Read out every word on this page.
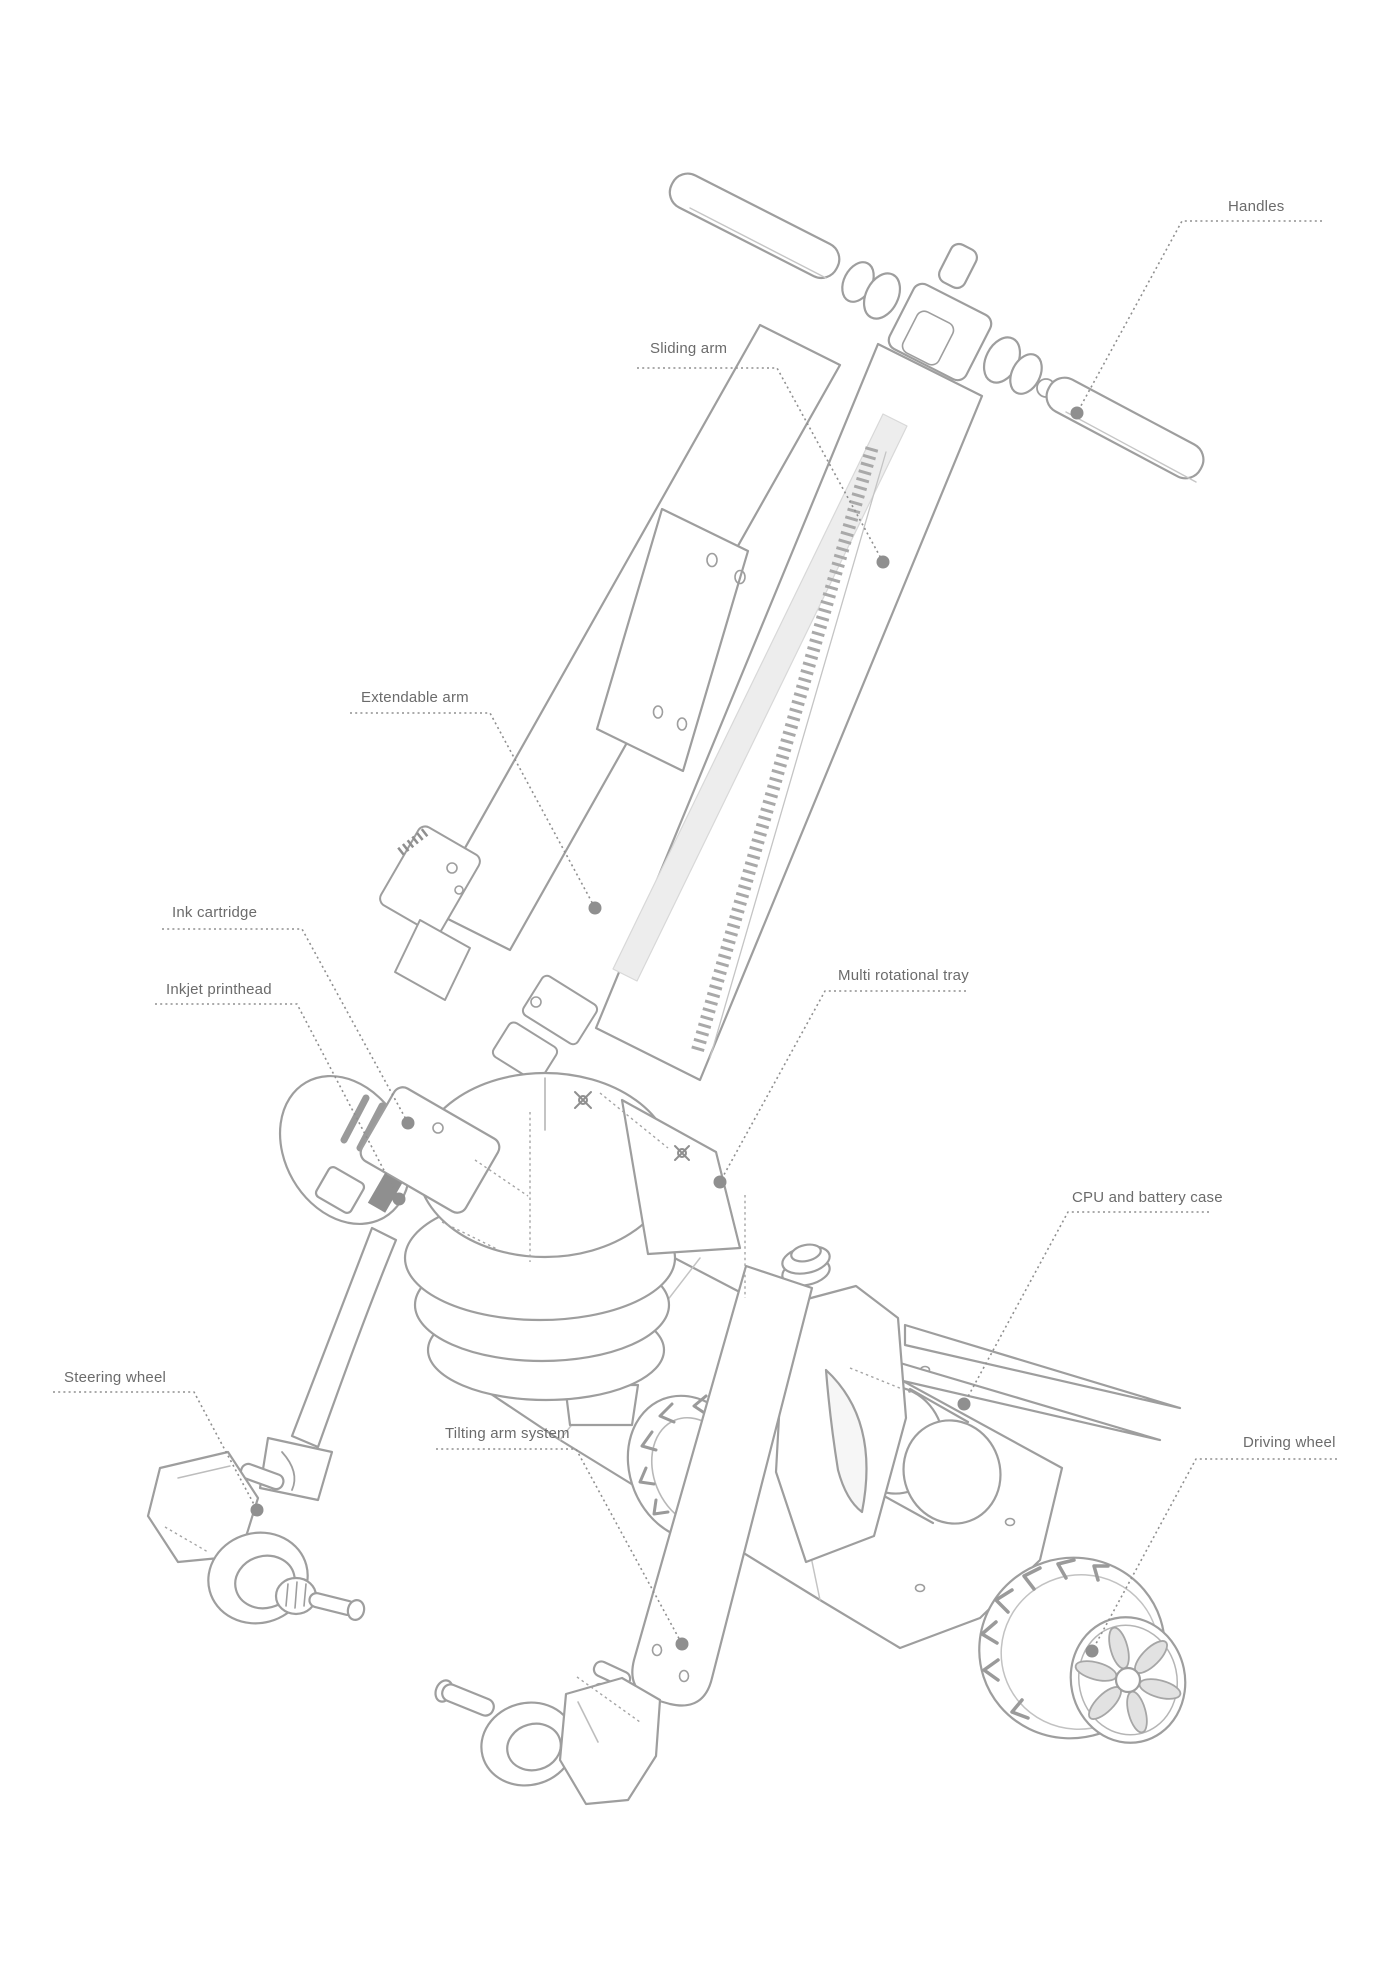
Handles
Sliding arm
Extendable arm
Ink cartridge
Inkjet printhead
Multi rotational tray
CPU and battery case
Steering wheel
Tilting arm system
Driving wheel
